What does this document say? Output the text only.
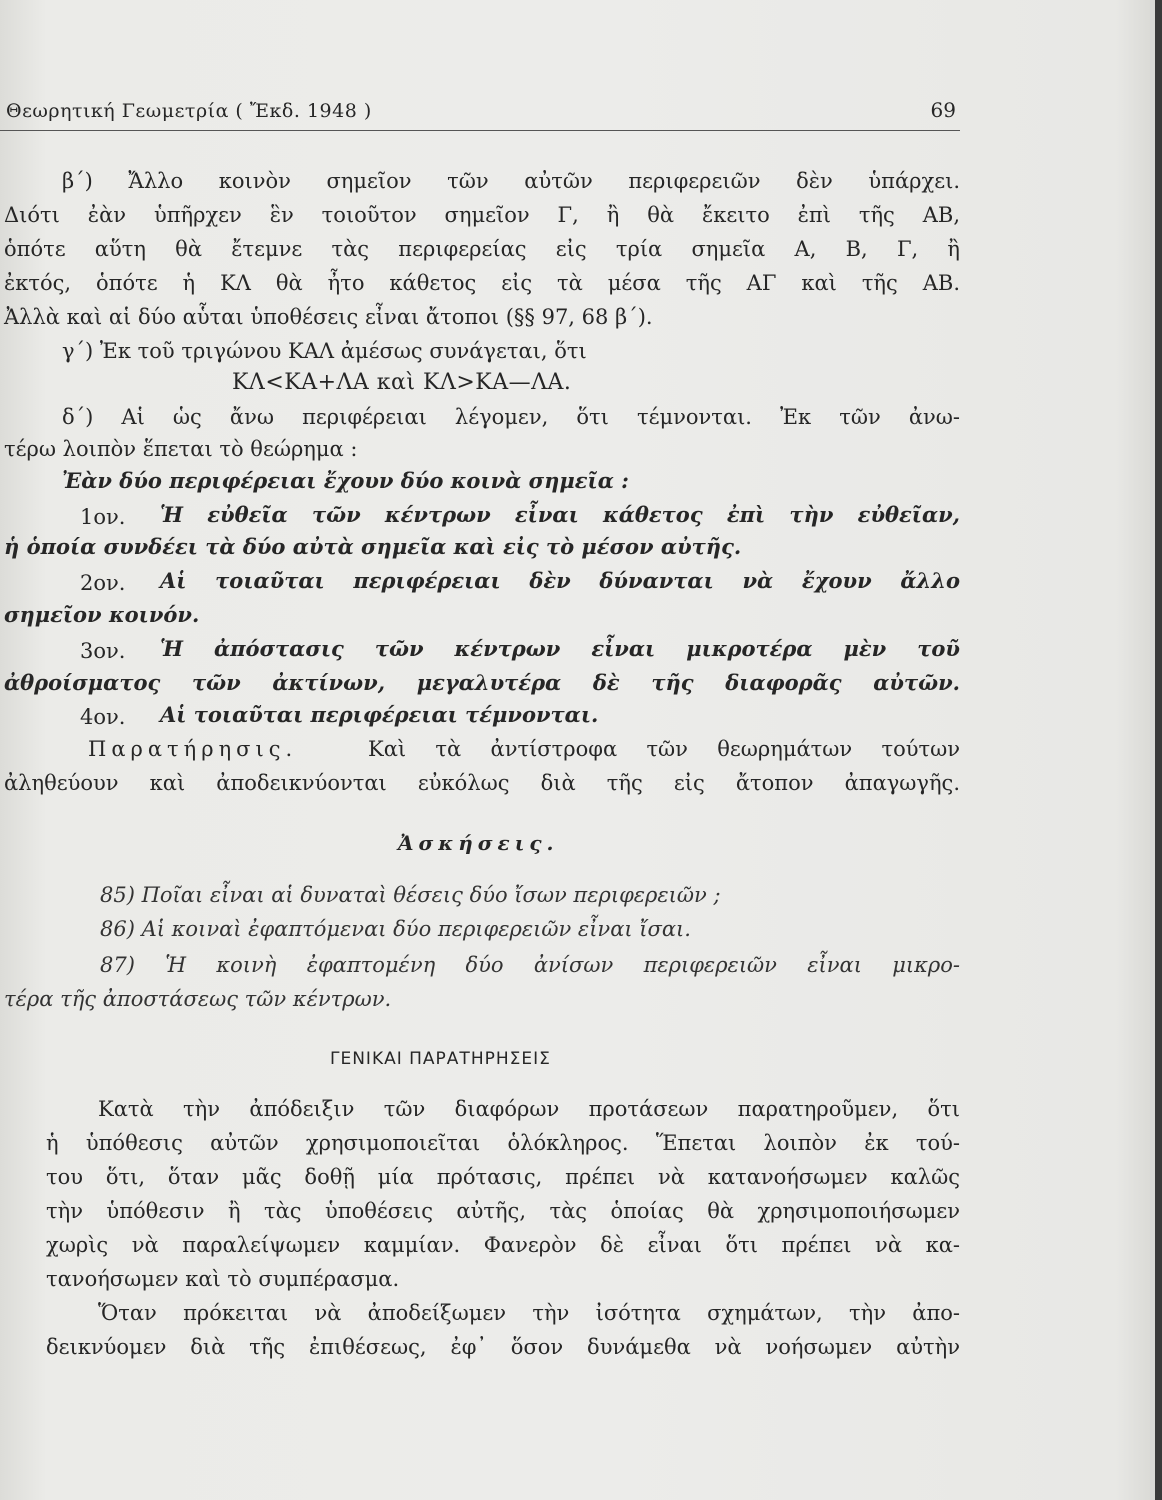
Θεωρητική Γεωμετρία ( Ἔκδ. 1948 )	69
β΄) Ἄλλο κοινὸν σημεῖον τῶν αὐτῶν περιφερειῶν δὲν ὑπάρχει.
Διότι ἐὰν ὑπῆρχεν ἓν τοιοῦτον σημεῖον Γ, ἢ θὰ ἔκειτο ἐπὶ τῆς ΑΒ,
ὁπότε αὕτη θὰ ἔτεμνε τὰς περιφερείας εἰς τρία σημεῖα Α, Β, Γ, ἢ
ἐκτός, ὁπότε ἡ ΚΛ θὰ ἦτο κάθετος εἰς τὰ μέσα τῆς ΑΓ καὶ τῆς ΑΒ.
Ἀλλὰ καὶ αἱ δύο αὗται ὑποθέσεις εἶναι ἄτοποι (§§ 97, 68 β΄).
γ΄) Ἐκ τοῦ τριγώνου ΚΑΛ ἀμέσως συνάγεται, ὅτι
ΚΛ<ΚΑ+ΛΑ καὶ ΚΛ>ΚΑ—ΛΑ.
δ΄) Αἱ ὡς ἄνω περιφέρειαι λέγομεν, ὅτι τέμνονται. Ἐκ τῶν ἀνω-
τέρω λοιπὸν ἕπεται τὸ θεώρημα :
Ἐὰν δύο περιφέρειαι ἔχουν δύο κοινὰ σημεῖα :
1ον. Ἡ εὐθεῖα τῶν κέντρων εἶναι κάθετος ἐπὶ τὴν εὐθεῖαν,
ἡ ὁποία συνδέει τὰ δύο αὐτὰ σημεῖα καὶ εἰς τὸ μέσον αὐτῆς.
2ον. Αἱ τοιαῦται περιφέρειαι δὲν δύνανται νὰ ἔχουν ἄλλο
σημεῖον κοινόν.
3ον. Ἡ ἀπόστασις τῶν κέντρων εἶναι μικροτέρα μὲν τοῦ
ἀθροίσματος τῶν ἀκτίνων, μεγαλυτέρα δὲ τῆς διαφορᾶς αὐτῶν.
4ον. Αἱ τοιαῦται περιφέρειαι τέμνονται.
Παρατήρησις.	Καὶ τὰ ἀντίστροφα τῶν θεωρημάτων τούτων
ἀληθεύουν καὶ ἀποδεικνύονται εὐκόλως διὰ τῆς εἰς ἄτοπον ἀπαγωγῆς.
Ἀσκήσεις.
85) Ποῖαι εἶναι αἱ δυναταὶ θέσεις δύο ἴσων περιφερειῶν ;
86) Αἱ κοιναὶ ἐφαπτόμεναι δύο περιφερειῶν εἶναι ἴσαι.
87) Ἡ κοινὴ ἐφαπτομένη δύο ἀνίσων περιφερειῶν εἶναι μικρο-
τέρα τῆς ἀποστάσεως τῶν κέντρων.
ΓΕΝΙΚΑΙ ΠΑΡΑΤΗΡΗΣΕΙΣ
Κατὰ τὴν ἀπόδειξιν τῶν διαφόρων προτάσεων παρατηροῦμεν, ὅτι
ἡ ὑπόθεσις αὐτῶν χρησιμοποιεῖται ὁλόκληρος. Ἕπεται λοιπὸν ἐκ τού-
του ὅτι, ὅταν μᾶς δοθῇ μία πρότασις, πρέπει νὰ κατανοήσωμεν καλῶς
τὴν ὑπόθεσιν ἢ τὰς ὑποθέσεις αὐτῆς, τὰς ὁποίας θὰ χρησιμοποιήσωμεν
χωρὶς νὰ παραλείψωμεν καμμίαν. Φανερὸν δὲ εἶναι ὅτι πρέπει νὰ κα-
τανοήσωμεν καὶ τὸ συμπέρασμα.
Ὅταν πρόκειται νὰ ἀποδείξωμεν τὴν ἰσότητα σχημάτων, τὴν ἀπο-
δεικνύομεν διὰ τῆς ἐπιθέσεως, ἐφ᾽ ὅσον δυνάμεθα νὰ νοήσωμεν αὐτὴν
